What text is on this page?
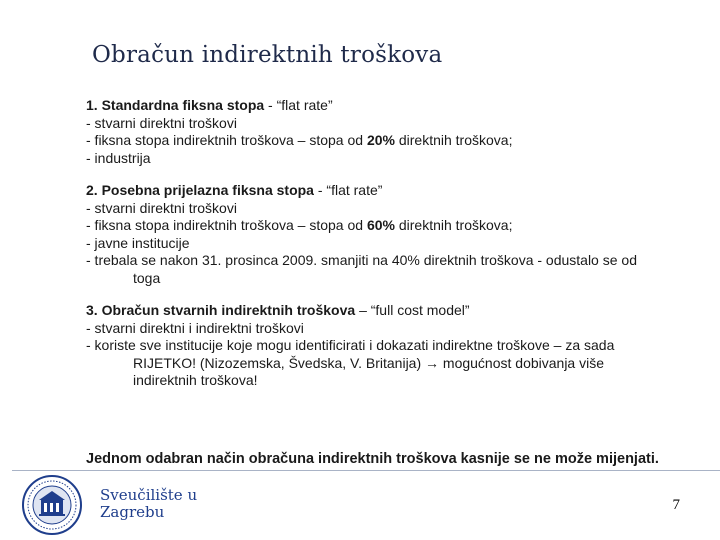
Obračun indirektnih troškova
1. Standardna fiksna stopa - “flat rate”
- stvarni direktni troškovi
- fiksna stopa indirektnih troškova – stopa od 20% direktnih troškova;
- industrija
2. Posebna prijelazna fiksna stopa - “flat rate”
- stvarni direktni troškovi
- fiksna stopa indirektnih troškova – stopa od 60% direktnih troškova;
- javne institucije
- trebala se nakon 31. prosinca 2009. smanjiti na 40% direktnih troškova - odustalo se od
toga
3. Obračun stvarnih indirektnih troškova – “full cost model”
- stvarni direktni i indirektni troškovi
- koriste sve institucije koje mogu identificirati i dokazati indirektne troškove – za sada
RIJETKO! (Nizozemska, Švedska, V. Britanija) → mogućnost dobivanja više
indirektnih troškova!
Jednom odabran način obračuna indirektnih troškova kasnije se ne može mijenjati.
Sveučilište u
Zagrebu	7
